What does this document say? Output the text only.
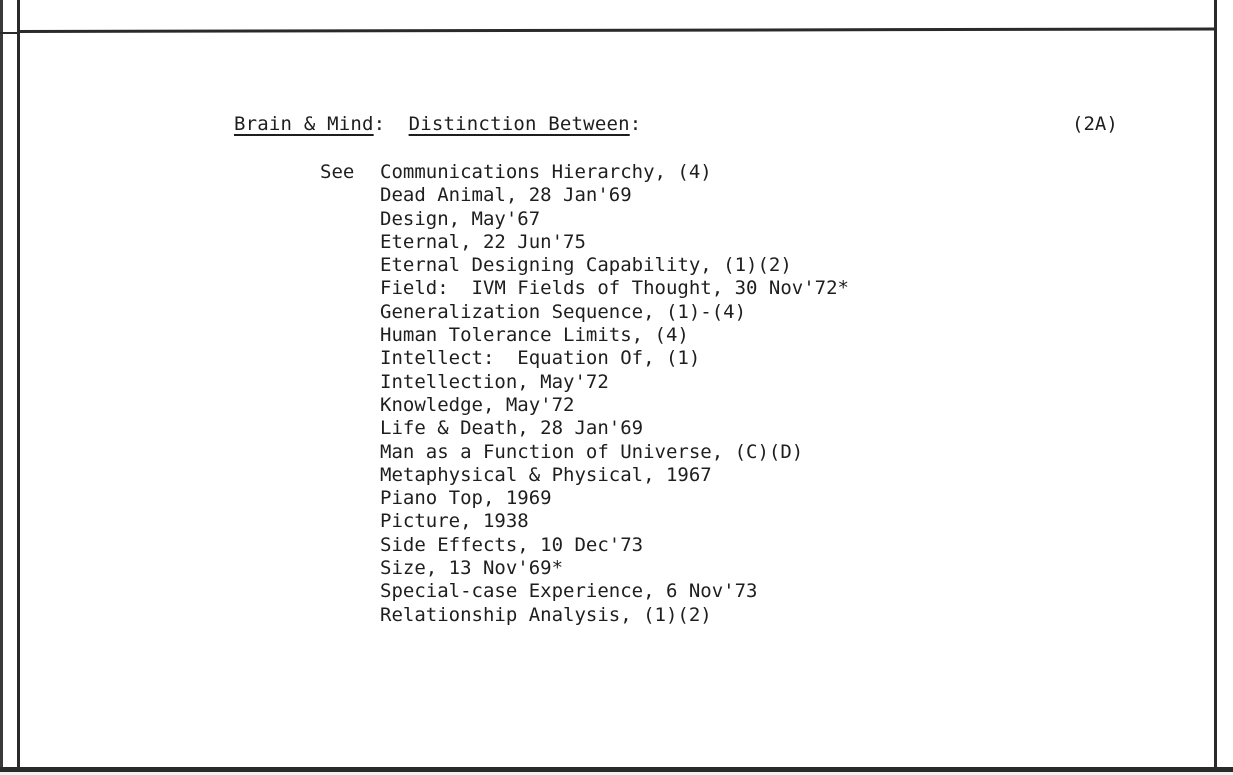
Brain & Mind:  Distinction Between:	(2A)
See Communications Hierarchy, (4)
Dead Animal, 28 Jan'69
Design, May'67
Eternal, 22 Jun'75
Eternal Designing Capability, (1)(2)
Field:  IVM Fields of Thought, 30 Nov'72*
Generalization Sequence, (1)-(4)
Human Tolerance Limits, (4)
Intellect:  Equation Of, (1)
Intellection, May'72
Knowledge, May'72
Life & Death, 28 Jan'69
Man as a Function of Universe, (C)(D)
Metaphysical & Physical, 1967
Piano Top, 1969
Picture, 1938
Side Effects, 10 Dec'73
Size, 13 Nov'69*
Special-case Experience, 6 Nov'73
Relationship Analysis, (1)(2)
